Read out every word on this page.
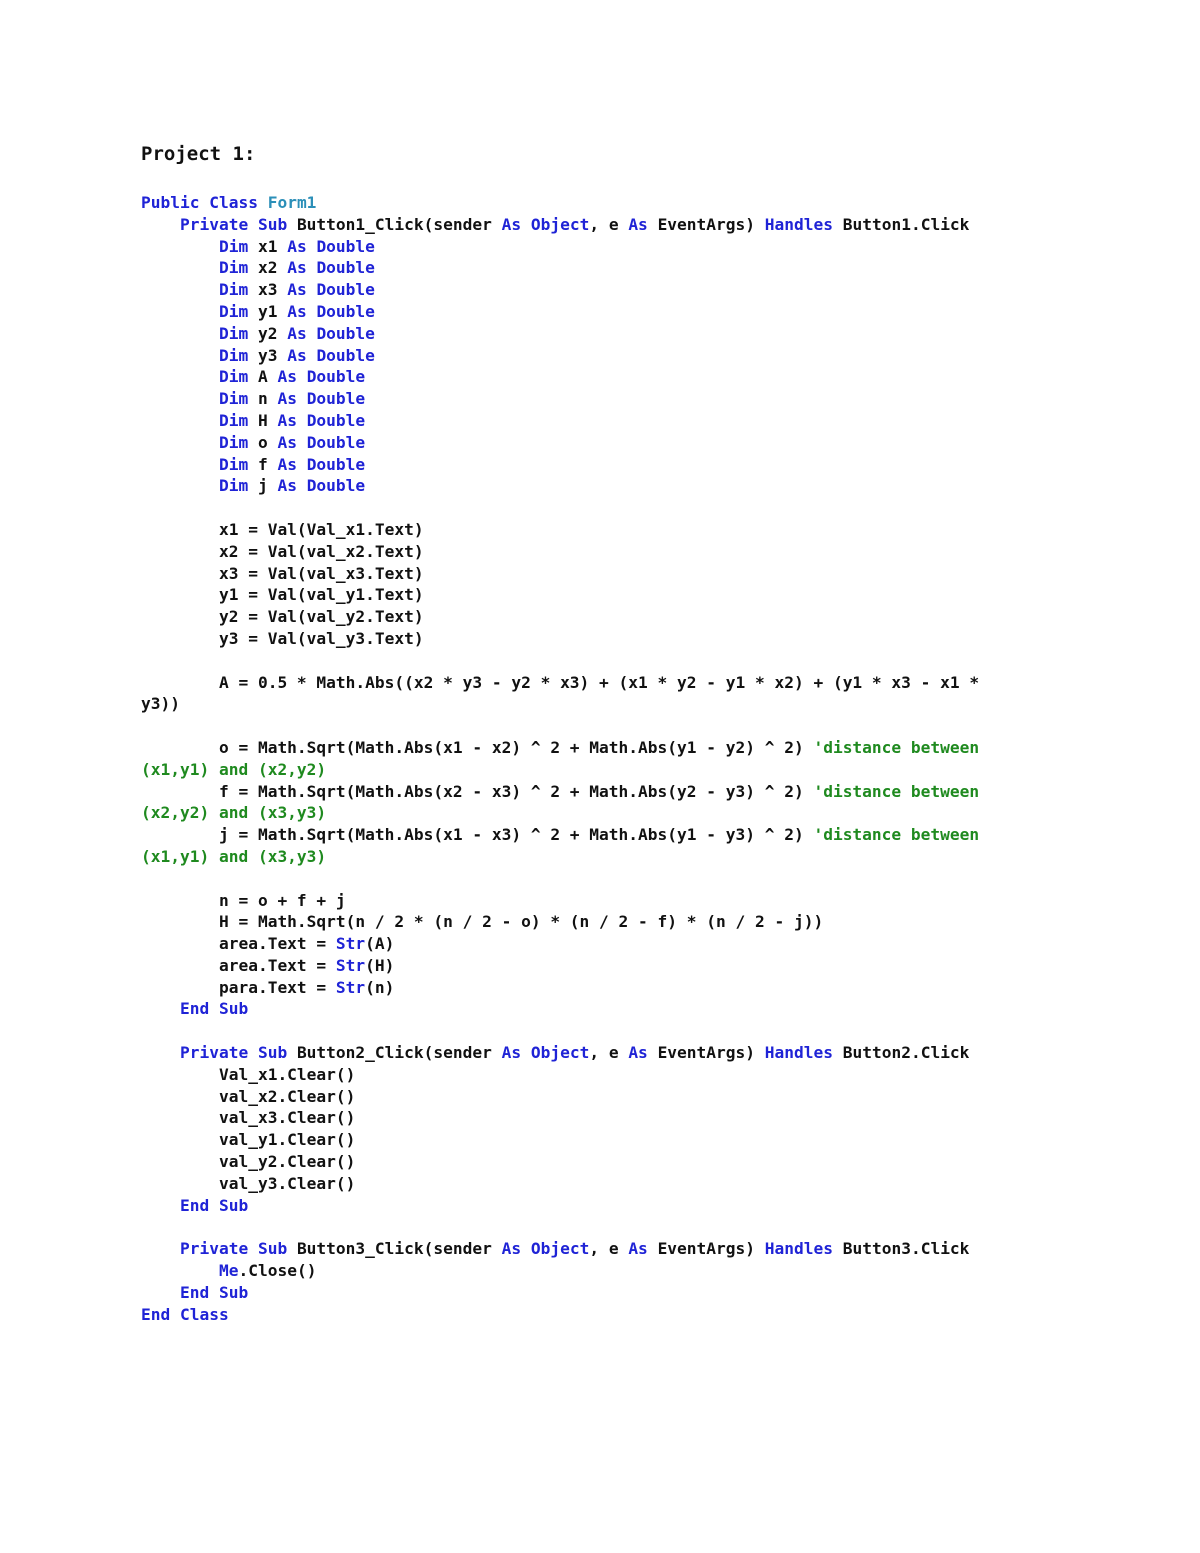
Project 1:
Public Class Form1
Private Sub Button1_Click(sender As Object, e As EventArgs) Handles Button1.Click
Dim x1 As Double
Dim x2 As Double
Dim x3 As Double
Dim y1 As Double
Dim y2 As Double
Dim y3 As Double
Dim A As Double
Dim n As Double
Dim H As Double
Dim o As Double
Dim f As Double
Dim j As Double
x1 = Val(Val_x1.Text)
x2 = Val(val_x2.Text)
x3 = Val(val_x3.Text)
y1 = Val(val_y1.Text)
y2 = Val(val_y2.Text)
y3 = Val(val_y3.Text)
A = 0.5 * Math.Abs((x2 * y3 - y2 * x3) + (x1 * y2 - y1 * x2) + (y1 * x3 - x1 *
y3))
o = Math.Sqrt(Math.Abs(x1 - x2) ^ 2 + Math.Abs(y1 - y2) ^ 2) 'distance between
(x1,y1) and (x2,y2)
f = Math.Sqrt(Math.Abs(x2 - x3) ^ 2 + Math.Abs(y2 - y3) ^ 2) 'distance between
(x2,y2) and (x3,y3)
j = Math.Sqrt(Math.Abs(x1 - x3) ^ 2 + Math.Abs(y1 - y3) ^ 2) 'distance between
(x1,y1) and (x3,y3)
n = o + f + j
H = Math.Sqrt(n / 2 * (n / 2 - o) * (n / 2 - f) * (n / 2 - j))
area.Text = Str(A)
area.Text = Str(H)
para.Text = Str(n)
End Sub
Private Sub Button2_Click(sender As Object, e As EventArgs) Handles Button2.Click
Val_x1.Clear()
val_x2.Clear()
val_x3.Clear()
val_y1.Clear()
val_y2.Clear()
val_y3.Clear()
End Sub
Private Sub Button3_Click(sender As Object, e As EventArgs) Handles Button3.Click
Me.Close()
End Sub
End Class
